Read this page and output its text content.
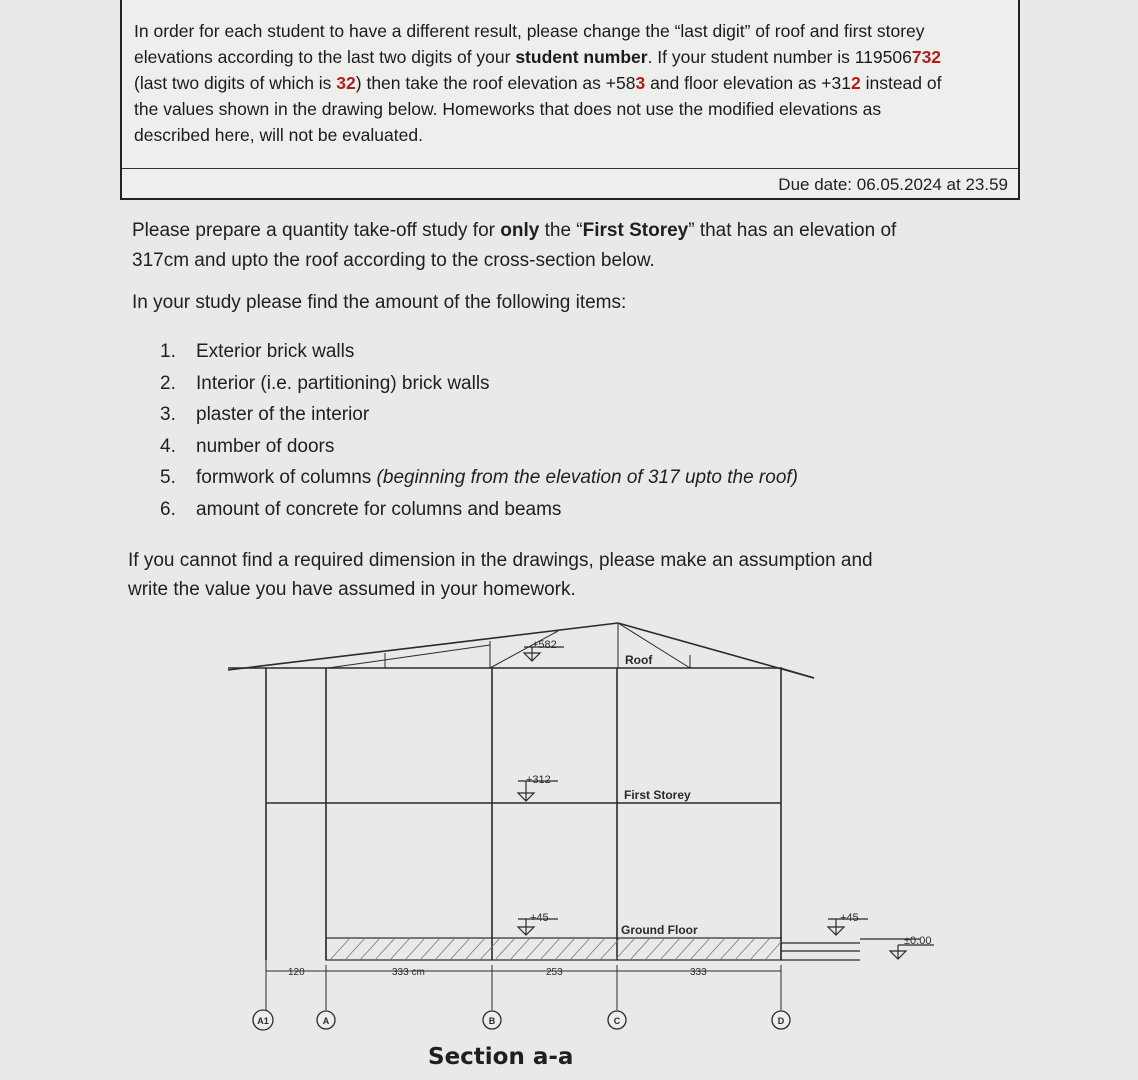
In order for each student to have a different result, please change the “last digit” of roof and first storey
elevations according to the last two digits of your student number. If your student number is 119506732
(last two digits of which is 32) then take the roof elevation as +583 and floor elevation as +312 instead of
the values shown in the drawing below. Homeworks that does not use the modified elevations as
described here, will not be evaluated.
Due date: 06.05.2024 at 23.59
Please prepare a quantity take-off study for only the “First Storey” that has an elevation of
317cm and upto the roof according to the cross-section below.
In your study please find the amount of the following items:
1. Exterior brick walls
2. Interior (i.e. partitioning) brick walls
3. plaster of the interior
4. number of doors
5. formwork of columns (beginning from the elevation of 317 upto the roof)
6. amount of concrete for columns and beams
If you cannot find a required dimension in the drawings, please make an assumption and
write the value you have assumed in your homework.
+582
+312
+45	+45
±0.00
Roof
First Storey
Ground Floor
120	333 cm	253	333
A1	A	B	C	D
Section a-a
